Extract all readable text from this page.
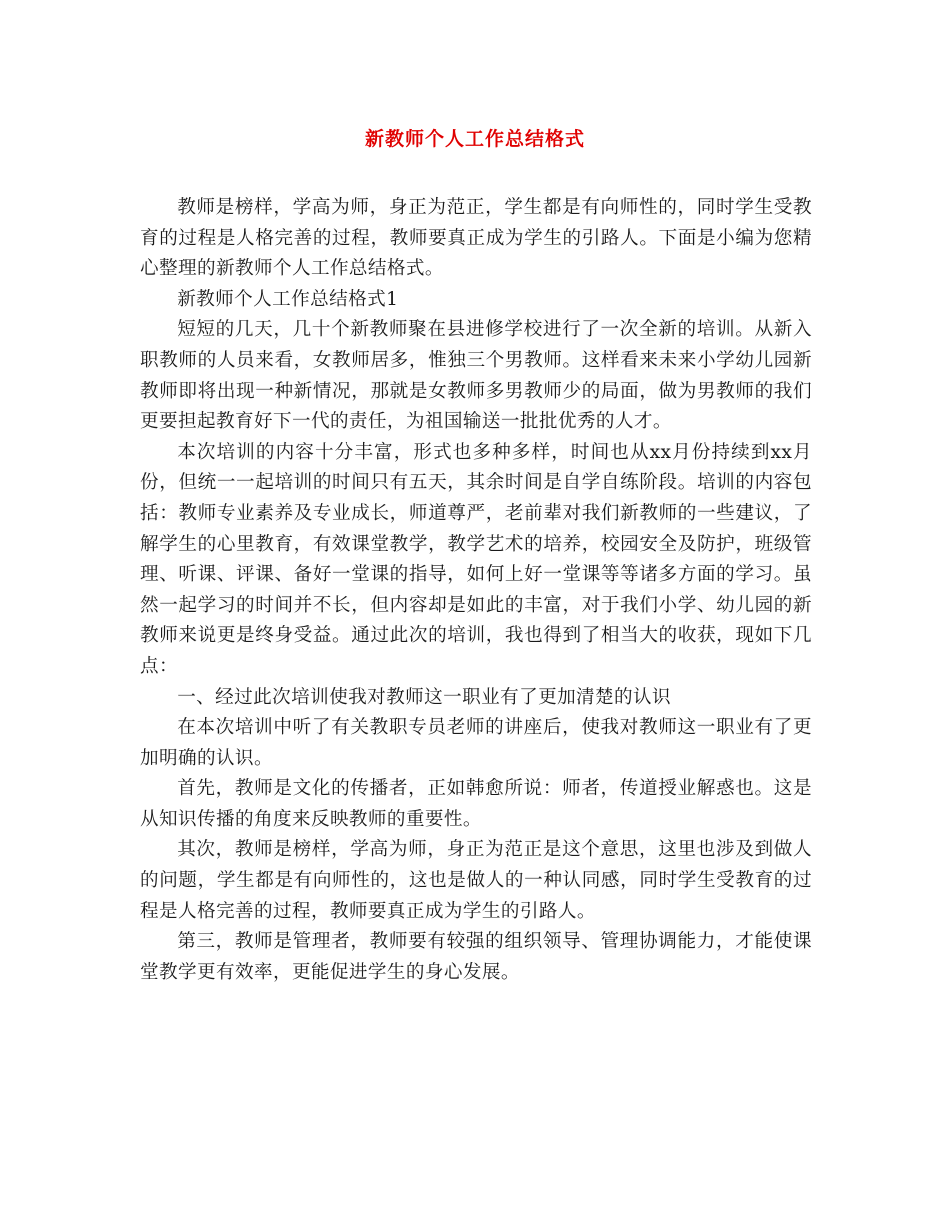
新教师个人工作总结格式

教师是榜样，学高为师，身正为范正，学生都是有向师性的，同时学生受教育的过程是人格完善的过程，教师要真正成为学生的引路人。下面是小编为您精心整理的新教师个人工作总结格式。

新教师个人工作总结格式1

短短的几天，几十个新教师聚在县进修学校进行了一次全新的培训。从新入职教师的人员来看，女教师居多，惟独三个男教师。这样看来未来小学幼儿园新教师即将出现一种新情况，那就是女教师多男教师少的局面，做为男教师的我们更要担起教育好下一代的责任，为祖国输送一批批优秀的人才。

本次培训的内容十分丰富，形式也多种多样，时间也从xx月份持续到xx月份，但统一一起培训的时间只有五天，其余时间是自学自练阶段。培训的内容包括：教师专业素养及专业成长，师道尊严，老前辈对我们新教师的一些建议，了解学生的心里教育，有效课堂教学，教学艺术的培养，校园安全及防护，班级管理、听课、评课、备好一堂课的指导，如何上好一堂课等等诸多方面的学习。虽然一起学习的时间并不长，但内容却是如此的丰富，对于我们小学、幼儿园的新教师来说更是终身受益。通过此次的培训，我也得到了相当大的收获，现如下几点：

一、经过此次培训使我对教师这一职业有了更加清楚的认识

在本次培训中听了有关教职专员老师的讲座后，使我对教师这一职业有了更加明确的认识。

首先，教师是文化的传播者，正如韩愈所说：师者，传道授业解惑也。这是从知识传播的角度来反映教师的重要性。

其次，教师是榜样，学高为师，身正为范正是这个意思，这里也涉及到做人的问题，学生都是有向师性的，这也是做人的一种认同感，同时学生受教育的过程是人格完善的过程，教师要真正成为学生的引路人。

第三，教师是管理者，教师要有较强的组织领导、管理协调能力，才能使课堂教学更有效率，更能促进学生的身心发展。
